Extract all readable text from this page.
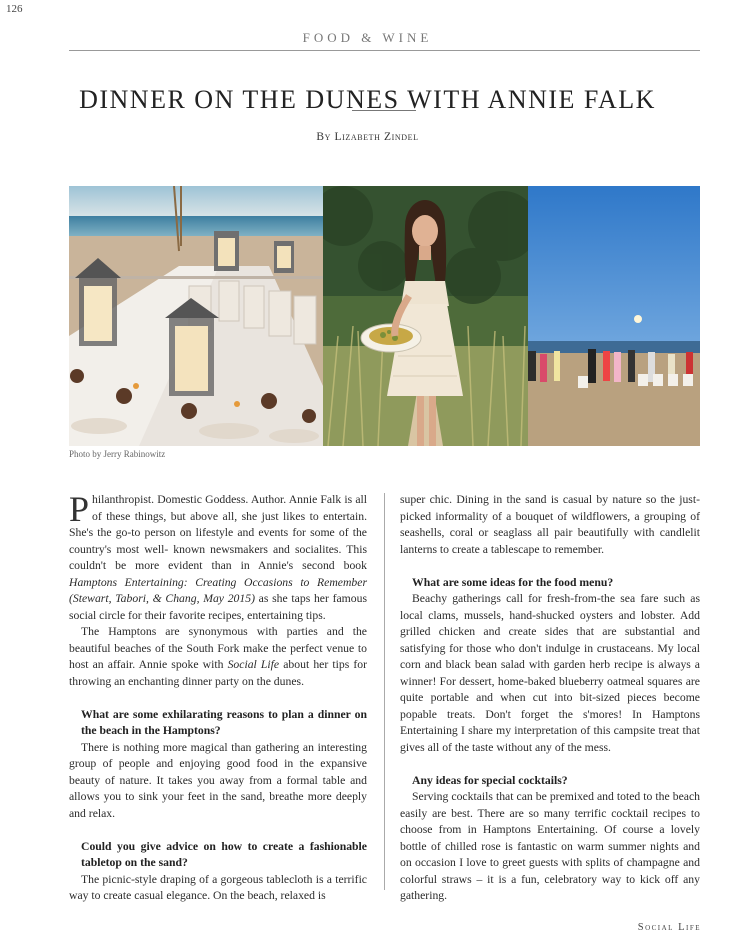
126
FOOD & WINE
DINNER ON THE DUNES WITH ANNIE FALK
By Lizabeth Zindel
Photo by Jerry Rabinowitz

Philanthropist. Domestic Goddess. Author. Annie Falk is all of these things, but above all, she just likes to entertain. She's the go-to person on lifestyle and events for some of the country's most well- known newsmakers and socialites. This couldn't be more evident than in Annie's second book Hamptons Entertaining: Creating Occasions to Remember (Stewart, Tabori, & Chang, May 2015) as she taps her famous social circle for their favorite recipes, entertaining tips.

The Hamptons are synonymous with parties and the beautiful beaches of the South Fork make the perfect venue to host an affair. Annie spoke with Social Life about her tips for throwing an enchanting dinner party on the dunes.

What are some exhilarating reasons to plan a dinner on the beach in the Hamptons?

There is nothing more magical than gathering an interesting group of people and enjoying good food in the expansive beauty of nature. It takes you away from a formal table and allows you to sink your feet in the sand, breathe more deeply and relax.

Could you give advice on how to create a fashionable tabletop on the sand?

The picnic-style draping of a gorgeous tablecloth is a terrific way to create casual elegance. On the beach, relaxed is

super chic. Dining in the sand is casual by nature so the just-picked informality of a bouquet of wildflowers, a grouping of seashells, coral or seaglass all pair beautifully with candlelit lanterns to create a tablescape to remember.

What are some ideas for the food menu?

Beachy gatherings call for fresh-from-the sea fare such as local clams, mussels, hand-shucked oysters and lobster. Add grilled chicken and create sides that are substantial and satisfying for those who don't indulge in crustaceans. My local corn and black bean salad with garden herb recipe is always a winner! For dessert, home-baked blueberry oatmeal squares are quite portable and when cut into bit-sized pieces become popable treats. Don't forget the s'mores! In Hamptons Entertaining I share my interpretation of this campsite treat that gives all of the taste without any of the mess.

Any ideas for special cocktails?

Serving cocktails that can be premixed and toted to the beach easily are best. There are so many terrific cocktail recipes to choose from in Hamptons Entertaining. Of course a lovely bottle of chilled rose is fantastic on warm summer nights and on occasion I love to greet guests with splits of champagne and colorful straws – it is a fun, celebratory way to kick off any gathering.

Social Life
